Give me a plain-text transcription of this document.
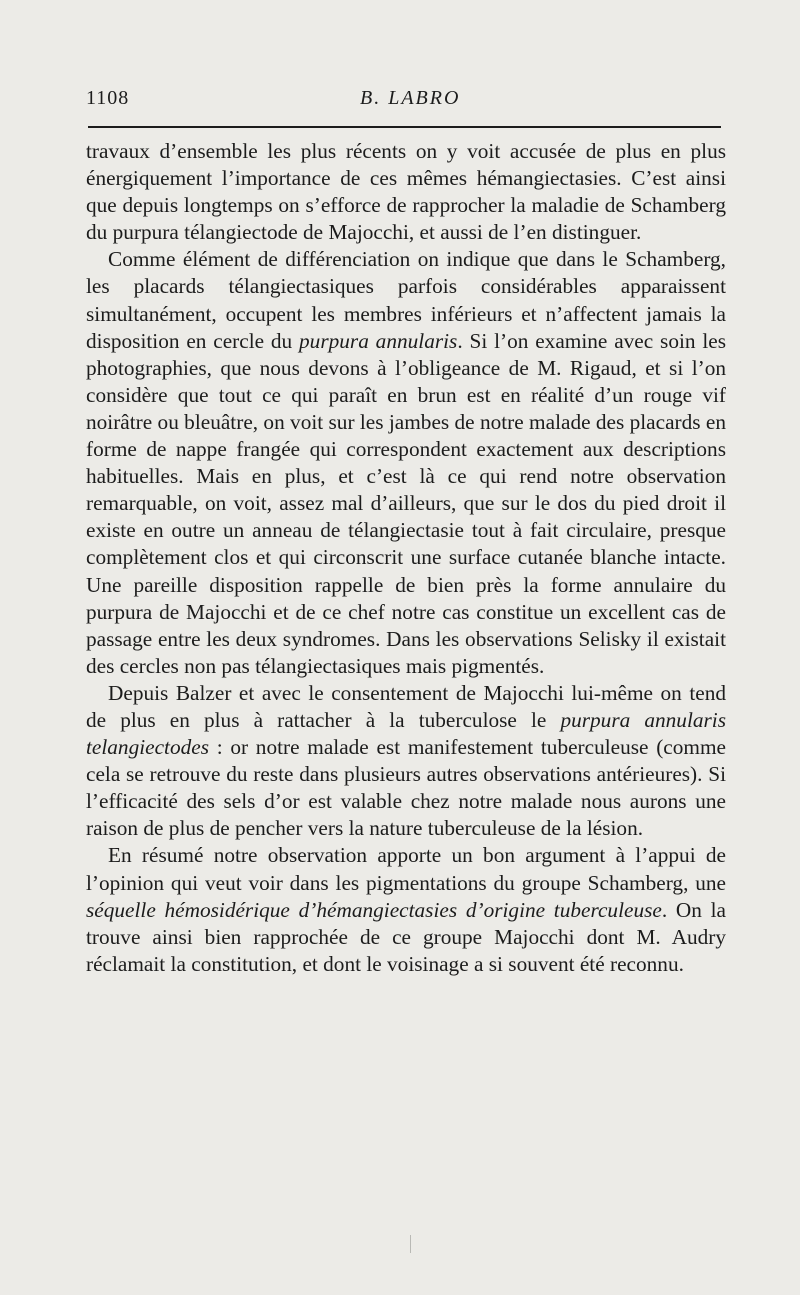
1108	B. LABRO

travaux d’ensemble les plus récents on y voit accusée de plus en plus énergiquement l’importance de ces mêmes hémangiectasies. C’est ainsi que depuis longtemps on s’efforce de rapprocher la maladie de Schamberg du purpura télangiectode de Majocchi, et aussi de l’en distinguer.

Comme élément de différenciation on indique que dans le Schamberg, les placards télangiectasiques parfois considérables apparaissent simultanément, occupent les membres inférieurs et n’affectent jamais la disposition en cercle du purpura annularis. Si l’on examine avec soin les photographies, que nous devons à l’obligeance de M. Rigaud, et si l’on considère que tout ce qui paraît en brun est en réalité d’un rouge vif noirâtre ou bleuâtre, on voit sur les jambes de notre malade des placards en forme de nappe frangée qui correspondent exactement aux descriptions habituelles. Mais en plus, et c’est là ce qui rend notre observation remarquable, on voit, assez mal d’ailleurs, que sur le dos du pied droit il existe en outre un anneau de télangiectasie tout à fait circulaire, presque complètement clos et qui circonscrit une surface cutanée blanche intacte. Une pareille disposition rappelle de bien près la forme annulaire du purpura de Majocchi et de ce chef notre cas constitue un excellent cas de passage entre les deux syndromes. Dans les observations Selisky il existait des cercles non pas télangiectasiques mais pigmentés.

Depuis Balzer et avec le consentement de Majocchi lui-même on tend de plus en plus à rattacher à la tuberculose le purpura annularis telangiectodes : or notre malade est manifestement tuberculeuse (comme cela se retrouve du reste dans plusieurs autres observations antérieures). Si l’efficacité des sels d’or est valable chez notre malade nous aurons une raison de plus de pencher vers la nature tuberculeuse de la lésion.

En résumé notre observation apporte un bon argument à l’appui de l’opinion qui veut voir dans les pigmentations du groupe Schamberg, une séquelle hémosidérique d’hémangiectasies d’origine tuberculeuse. On la trouve ainsi bien rapprochée de ce groupe Majocchi dont M. Audry réclamait la constitution, et dont le voisinage a si souvent été reconnu.
